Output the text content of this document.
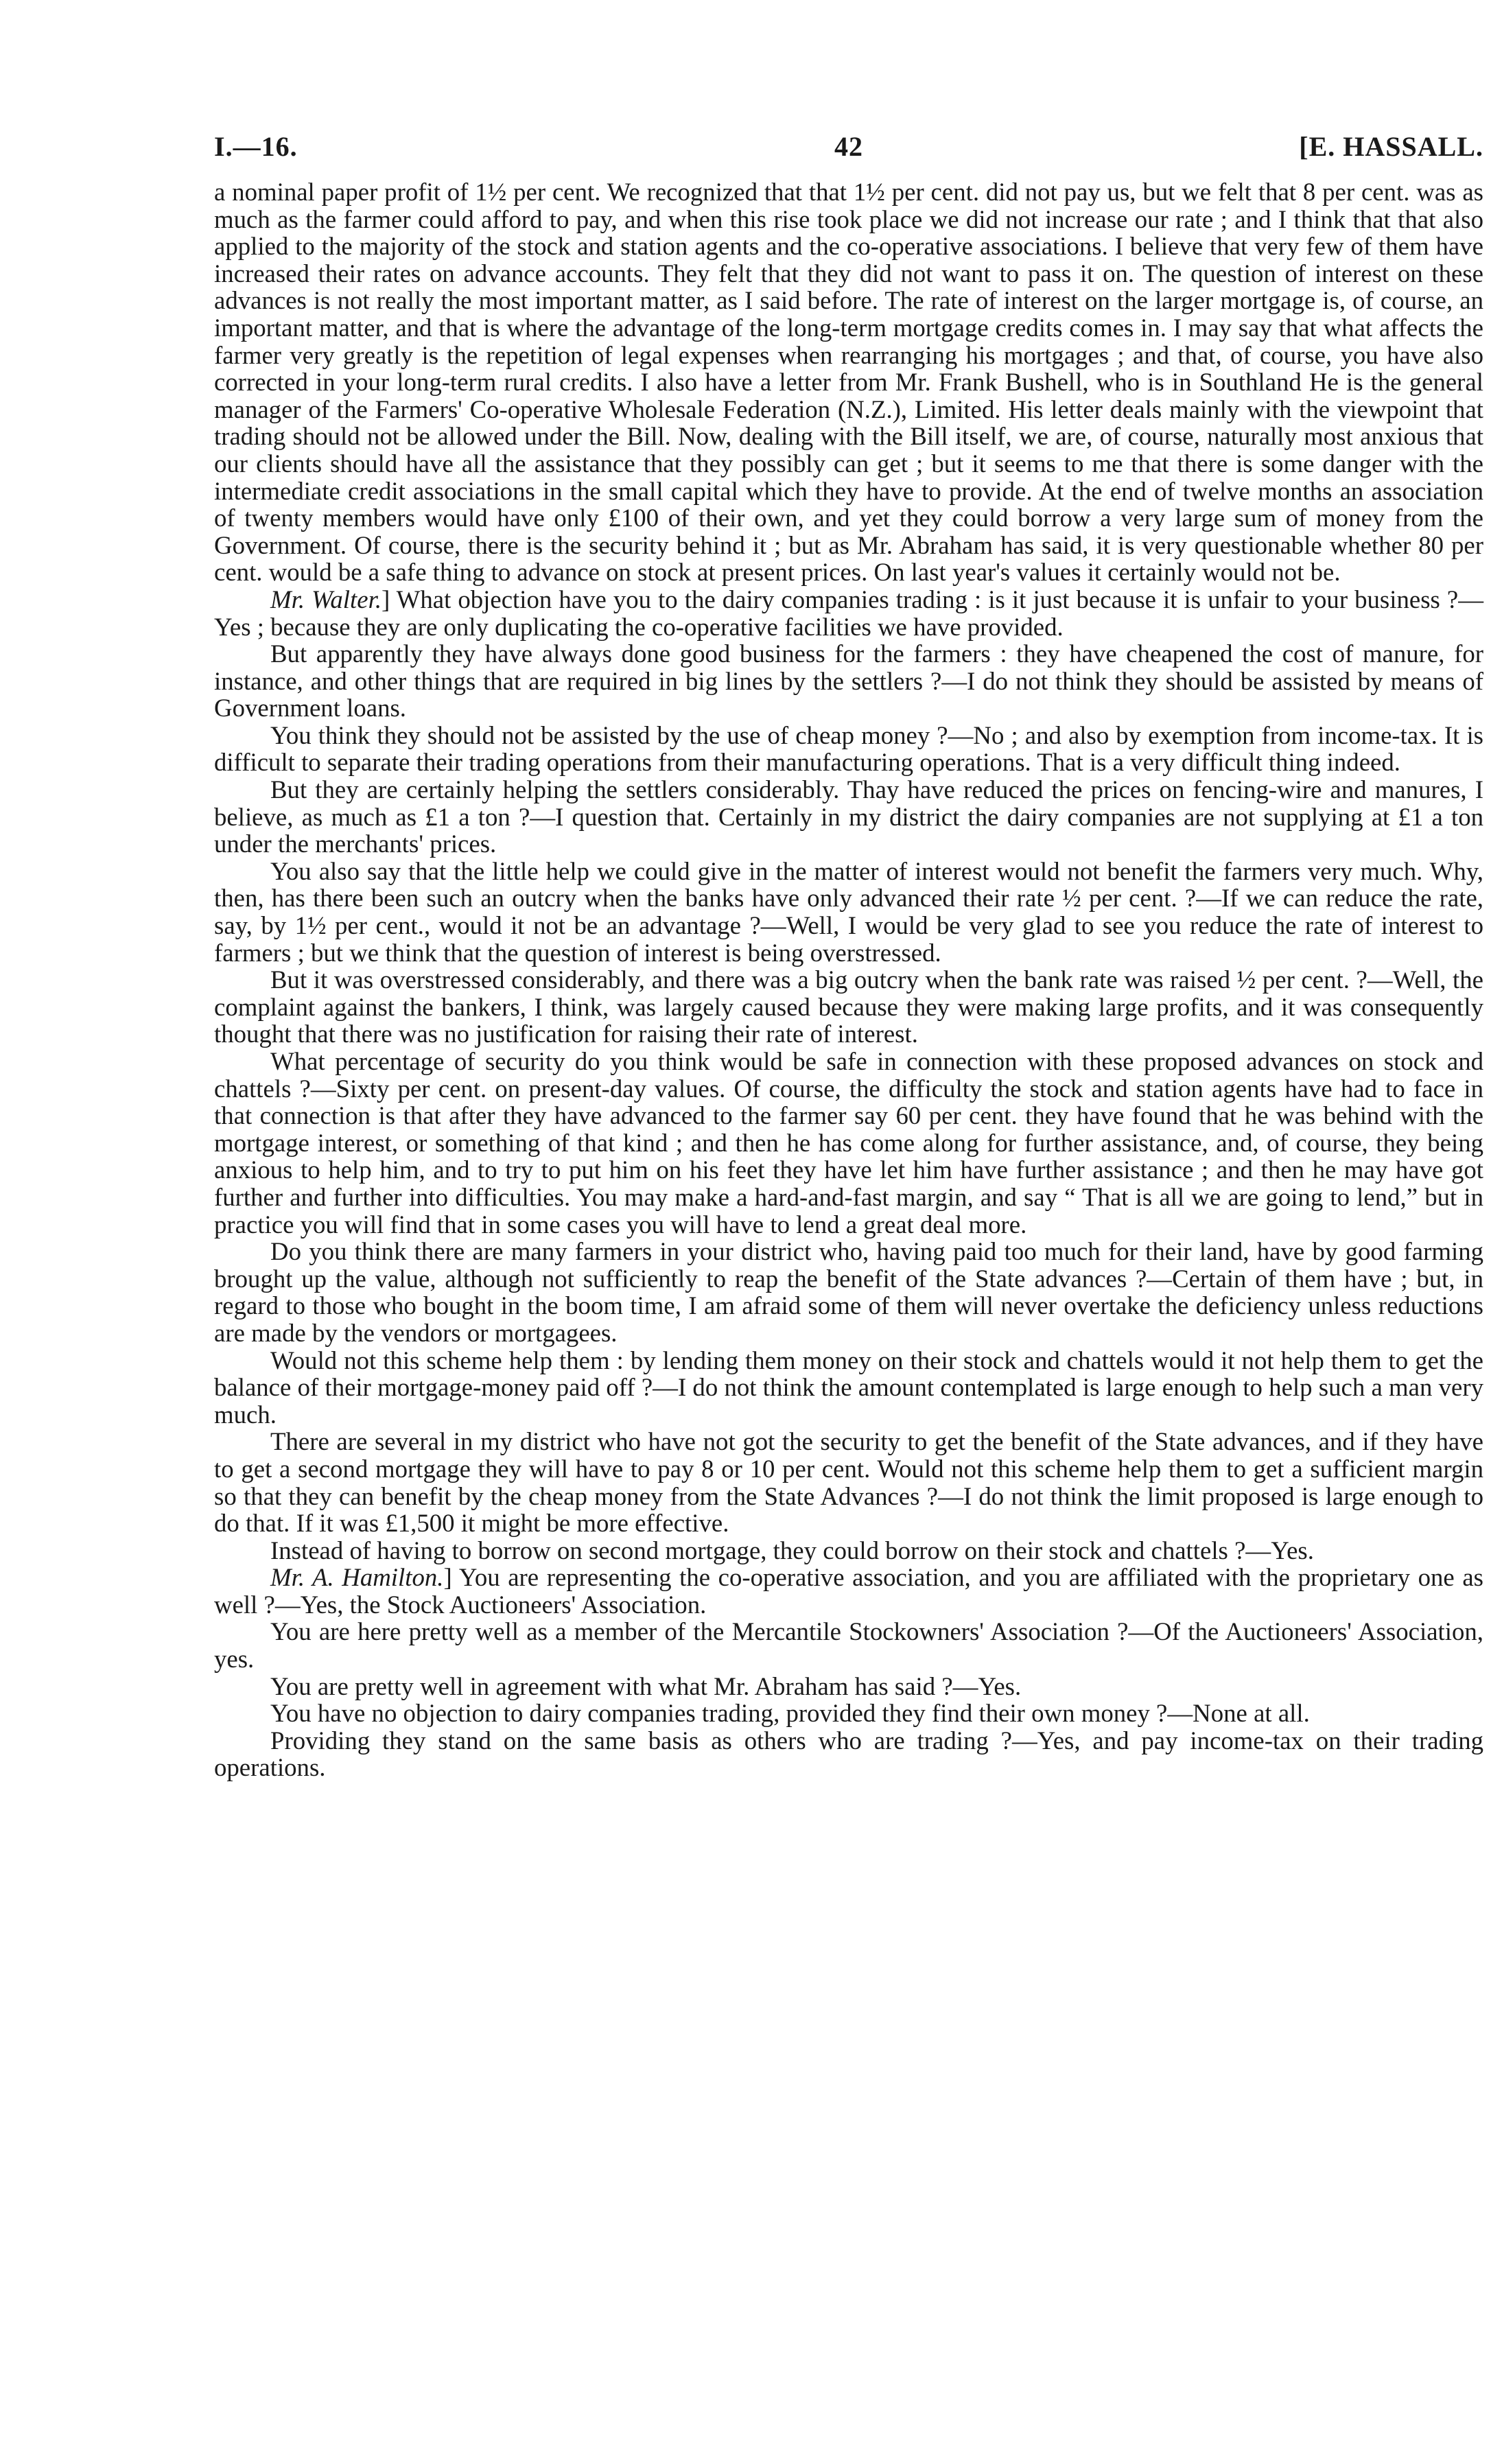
I.—16.	42	[E. HASSALL.

a nominal paper profit of 1½ per cent. We recognized that that 1½ per cent. did not pay us, but we felt that 8 per cent. was as much as the farmer could afford to pay, and when this rise took place we did not increase our rate ; and I think that that also applied to the majority of the stock and station agents and the co-operative associations. I believe that very few of them have increased their rates on advance accounts. They felt that they did not want to pass it on. The question of interest on these advances is not really the most important matter, as I said before. The rate of interest on the larger mortgage is, of course, an important matter, and that is where the advantage of the long-term mortgage credits comes in. I may say that what affects the farmer very greatly is the repetition of legal expenses when rearranging his mortgages ; and that, of course, you have also corrected in your long-term rural credits. I also have a letter from Mr. Frank Bushell, who is in Southland He is the general manager of the Farmers' Co-operative Wholesale Federation (N.Z.), Limited. His letter deals mainly with the viewpoint that trading should not be allowed under the Bill. Now, dealing with the Bill itself, we are, of course, naturally most anxious that our clients should have all the assistance that they possibly can get ; but it seems to me that there is some danger with the intermediate credit associations in the small capital which they have to provide. At the end of twelve months an association of twenty members would have only £100 of their own, and yet they could borrow a very large sum of money from the Government. Of course, there is the security behind it ; but as Mr. Abraham has said, it is very questionable whether 80 per cent. would be a safe thing to advance on stock at present prices. On last year's values it certainly would not be.

Mr. Walter.] What objection have you to the dairy companies trading : is it just because it is unfair to your business ?—Yes ; because they are only duplicating the co-operative facilities we have provided.

But apparently they have always done good business for the farmers : they have cheapened the cost of manure, for instance, and other things that are required in big lines by the settlers ?—I do not think they should be assisted by means of Government loans.

You think they should not be assisted by the use of cheap money ?—No ; and also by exemption from income-tax. It is difficult to separate their trading operations from their manufacturing operations. That is a very difficult thing indeed.

But they are certainly helping the settlers considerably. Thay have reduced the prices on fencing-wire and manures, I believe, as much as £1 a ton ?—I question that. Certainly in my district the dairy companies are not supplying at £1 a ton under the merchants' prices.

You also say that the little help we could give in the matter of interest would not benefit the farmers very much. Why, then, has there been such an outcry when the banks have only advanced their rate ½ per cent. ?—If we can reduce the rate, say, by 1½ per cent., would it not be an advantage ?—Well, I would be very glad to see you reduce the rate of interest to farmers ; but we think that the question of interest is being overstressed.

But it was overstressed considerably, and there was a big outcry when the bank rate was raised ½ per cent. ?—Well, the complaint against the bankers, I think, was largely caused because they were making large profits, and it was consequently thought that there was no justification for raising their rate of interest.

What percentage of security do you think would be safe in connection with these proposed advances on stock and chattels ?—Sixty per cent. on present-day values. Of course, the difficulty the stock and station agents have had to face in that connection is that after they have advanced to the farmer say 60 per cent. they have found that he was behind with the mortgage interest, or something of that kind ; and then he has come along for further assistance, and, of course, they being anxious to help him, and to try to put him on his feet they have let him have further assistance ; and then he may have got further and further into difficulties. You may make a hard-and-fast margin, and say “ That is all we are going to lend,” but in practice you will find that in some cases you will have to lend a great deal more.

Do you think there are many farmers in your district who, having paid too much for their land, have by good farming brought up the value, although not sufficiently to reap the benefit of the State advances ?—Certain of them have ; but, in regard to those who bought in the boom time, I am afraid some of them will never overtake the deficiency unless reductions are made by the vendors or mortgagees.

Would not this scheme help them : by lending them money on their stock and chattels would it not help them to get the balance of their mortgage-money paid off ?—I do not think the amount contemplated is large enough to help such a man very much.

There are several in my district who have not got the security to get the benefit of the State advances, and if they have to get a second mortgage they will have to pay 8 or 10 per cent. Would not this scheme help them to get a sufficient margin so that they can benefit by the cheap money from the State Advances ?—I do not think the limit proposed is large enough to do that. If it was £1,500 it might be more effective.

Instead of having to borrow on second mortgage, they could borrow on their stock and chattels ?—Yes.

Mr. A. Hamilton.] You are representing the co-operative association, and you are affiliated with the proprietary one as well ?—Yes, the Stock Auctioneers' Association.

You are here pretty well as a member of the Mercantile Stockowners' Association ?—Of the Auctioneers' Association, yes.

You are pretty well in agreement with what Mr. Abraham has said ?—Yes.

You have no objection to dairy companies trading, provided they find their own money ?—None at all.

Providing they stand on the same basis as others who are trading ?—Yes, and pay income-tax on their trading operations.
